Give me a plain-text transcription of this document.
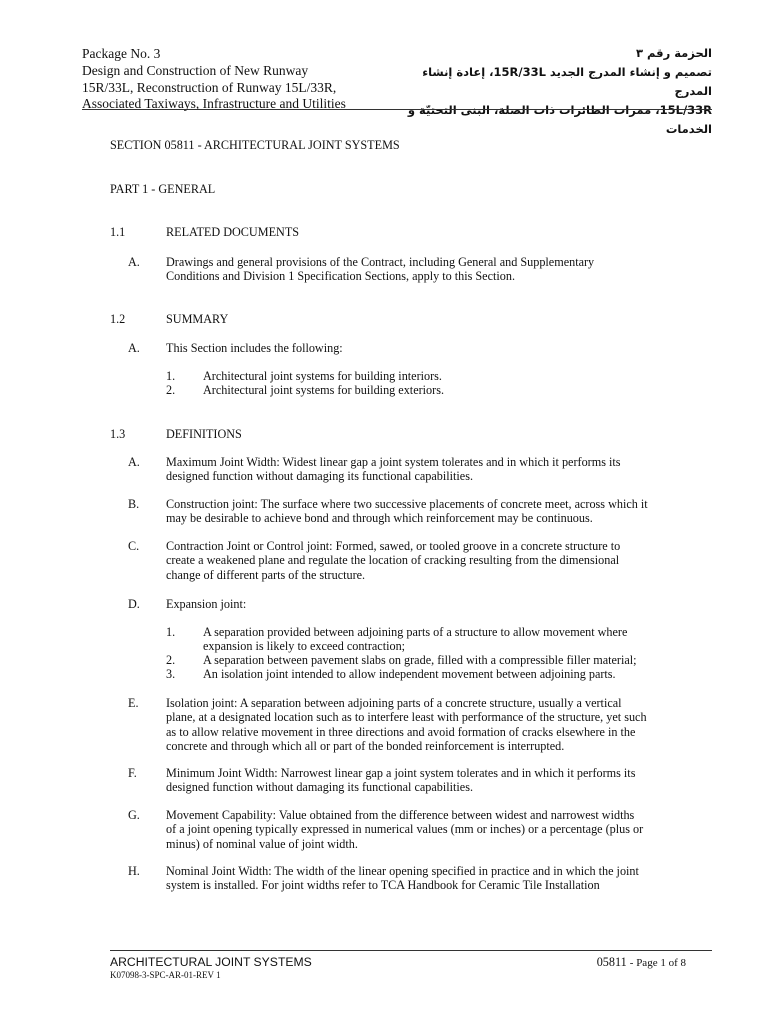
Package No. 3
Design and Construction of New Runway
15R/33L, Reconstruction of Runway 15L/33R,
Associated Taxiways, Infrastructure and Utilities
الحزمة رقم ٣
تصميم و إنشاء المدرج الجديد 15R/33L، إعادة إنشاء المدرج
15L/33R، ممرات الطائرات ذات الصلة، البنى التحتيّة و الخدمات
SECTION 05811 - ARCHITECTURAL JOINT SYSTEMS
PART 1 - GENERAL
1.1	RELATED DOCUMENTS
A. Drawings and general provisions of the Contract, including General and Supplementary
Conditions and Division 1 Specification Sections, apply to this Section.
1.2	SUMMARY
A. This Section includes the following:
1. Architectural joint systems for building interiors.
2. Architectural joint systems for building exteriors.
1.3	DEFINITIONS
A. Maximum Joint Width: Widest linear gap a joint system tolerates and in which it performs its
designed function without damaging its functional capabilities.
B. Construction joint: The surface where two successive placements of concrete meet, across which it
may be desirable to achieve bond and through which reinforcement may be continuous.
C. Contraction Joint or Control joint: Formed, sawed, or tooled groove in a concrete structure to
create a weakened plane and regulate the location of cracking resulting from the dimensional
change of different parts of the structure.
D. Expansion joint:
1. A separation provided between adjoining parts of a structure to allow movement where
expansion is likely to exceed contraction;
2. A separation between pavement slabs on grade, filled with a compressible filler material;
3. An isolation joint intended to allow independent movement between adjoining parts.
E. Isolation joint: A separation between adjoining parts of a concrete structure, usually a vertical
plane, at a designated location such as to interfere least with performance of the structure, yet such
as to allow relative movement in three directions and avoid formation of cracks elsewhere in the
concrete and through which all or part of the bonded reinforcement is interrupted.
F. Minimum Joint Width: Narrowest linear gap a joint system tolerates and in which it performs its
designed function without damaging its functional capabilities.
G. Movement Capability: Value obtained from the difference between widest and narrowest widths
of a joint opening typically expressed in numerical values (mm or inches) or a percentage (plus or
minus) of nominal value of joint width.
H. Nominal Joint Width: The width of the linear opening specified in practice and in which the joint
system is installed. For joint widths refer to TCA Handbook for Ceramic Tile Installation
ARCHITECTURAL JOINT SYSTEMS
K07098-3-SPC-AR-01-REV 1
05811 - Page 1 of 8
